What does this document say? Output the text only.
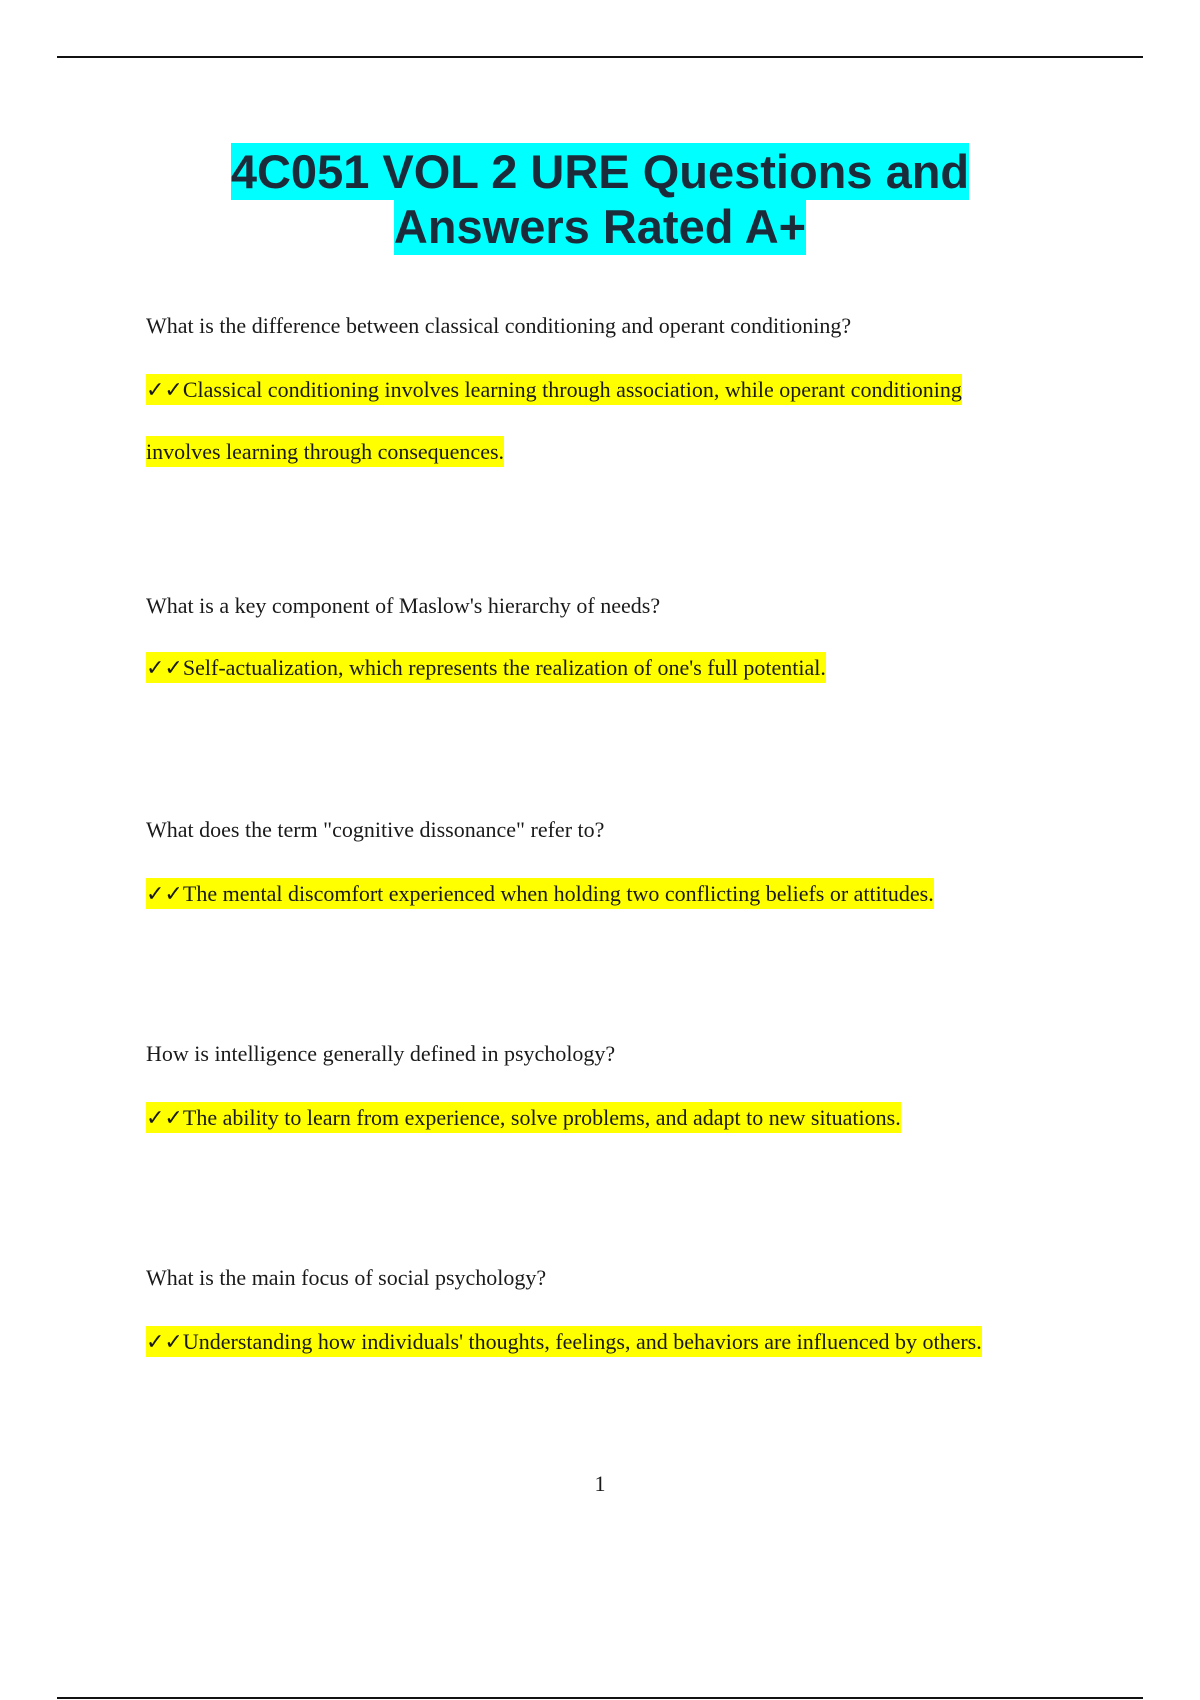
4C051 VOL 2 URE Questions and
Answers Rated A+

What is the difference between classical conditioning and operant conditioning?

✓✓Classical conditioning involves learning through association, while operant conditioning
involves learning through consequences.

What is a key component of Maslow's hierarchy of needs?

✓✓Self-actualization, which represents the realization of one's full potential.

What does the term "cognitive dissonance" refer to?

✓✓The mental discomfort experienced when holding two conflicting beliefs or attitudes.

How is intelligence generally defined in psychology?

✓✓The ability to learn from experience, solve problems, and adapt to new situations.

What is the main focus of social psychology?

✓✓Understanding how individuals' thoughts, feelings, and behaviors are influenced by others.

1
